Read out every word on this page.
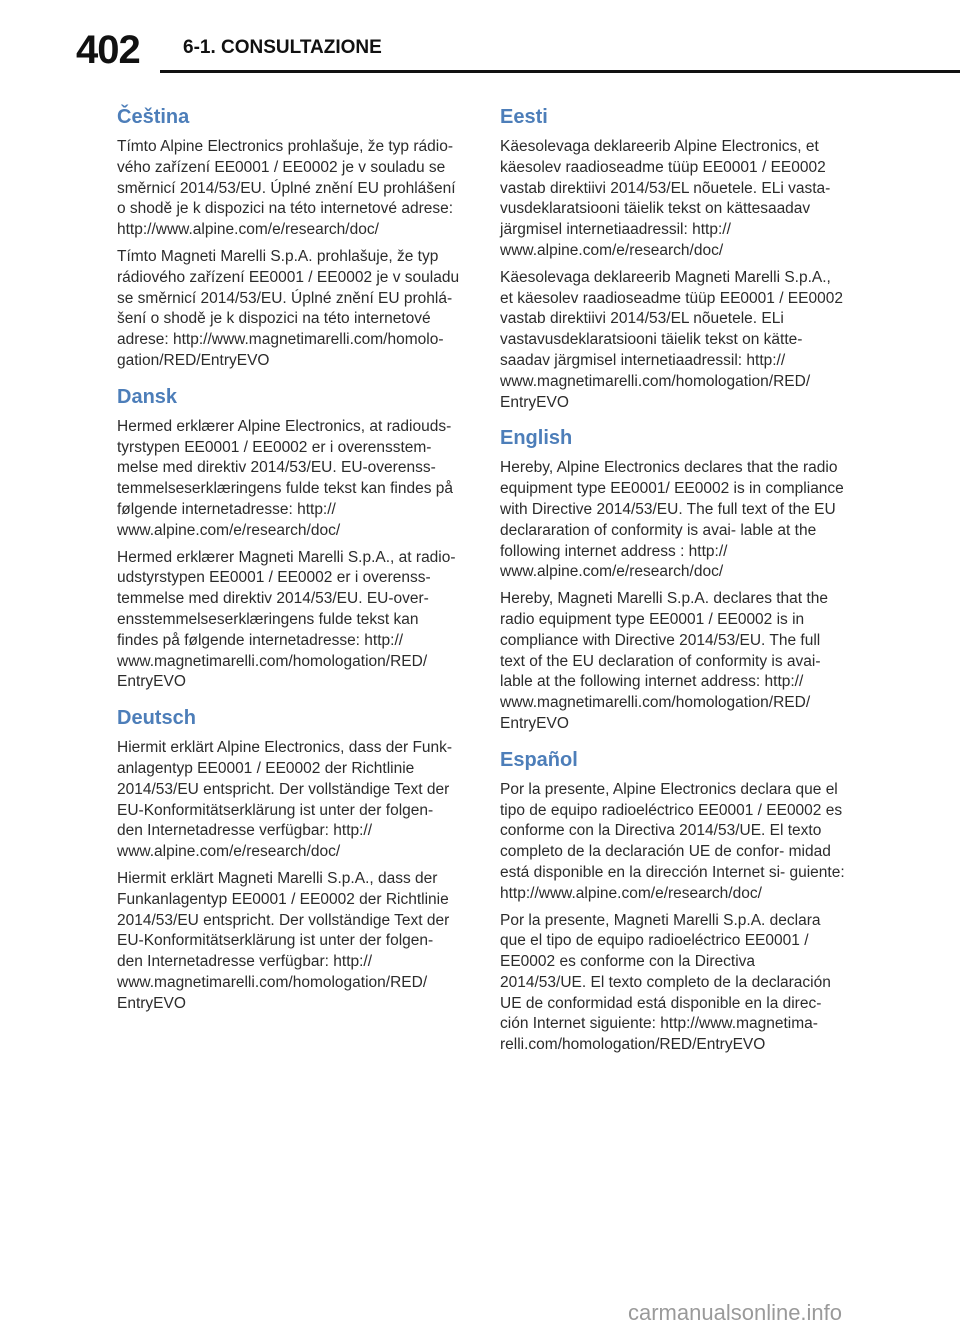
402 6-1. CONSULTAZIONE
Čeština

Tímto Alpine Electronics prohlašuje, že typ rádio- vého zařízení EE0001 / EE0002 je v souladu se směrnicí 2014/53/EU. Úplné znění EU prohlášení o shodě je k dispozici na této internetové adrese: http://www.alpine.com/e/research/doc/

Tímto Magneti Marelli S.p.A. prohlašuje, že typ rádiového zařízení EE0001 / EE0002 je v souladu se směrnicí 2014/53/EU. Úplné znění EU prohlá- šení o shodě je k dispozici na této internetové adrese: http://www.magnetimarelli.com/homolo- gation/RED/EntryEVO

Dansk

Hermed erklærer Alpine Electronics, at radiouds- tyrstypen EE0001 / EE0002 er i overensstem- melse med direktiv 2014/53/EU. EU-overenss- temmelseserklæringens fulde tekst kan findes på følgende internetadresse: http:// www.alpine.com/e/research/doc/

Hermed erklærer Magneti Marelli S.p.A., at radio- udstyrstypen EE0001 / EE0002 er i overenss- temmelse med direktiv 2014/53/EU. EU-over- ensstemmelseserklæringens fulde tekst kan findes på følgende internetadresse: http:// www.magnetimarelli.com/homologation/RED/ EntryEVO

Deutsch

Hiermit erklärt Alpine Electronics, dass der Funk- anlagentyp EE0001 / EE0002 der Richtlinie 2014/53/EU entspricht. Der vollständige Text der EU-Konformitätserklärung ist unter der folgen- den Internetadresse verfügbar: http:// www.alpine.com/e/research/doc/

Hiermit erklärt Magneti Marelli S.p.A., dass der Funkanlagentyp EE0001 / EE0002 der Richtlinie 2014/53/EU entspricht. Der vollständige Text der EU-Konformitätserklärung ist unter der folgen- den Internetadresse verfügbar: http:// www.magnetimarelli.com/homologation/RED/ EntryEVO

Eesti

Käesolevaga deklareerib Alpine Electronics, et käesolev raadioseadme tüüp EE0001 / EE0002 vastab direktiivi 2014/53/EL nõuetele. ELi vasta- vusdeklaratsiooni täielik tekst on kättesaadav järgmisel internetiaadressil: http:// www.alpine.com/e/research/doc/

Käesolevaga deklareerib Magneti Marelli S.p.A., et käesolev raadioseadme tüüp EE0001 / EE0002 vastab direktiivi 2014/53/EL nõuetele. ELi vastavusdeklaratsiooni täielik tekst on kätte- saadav järgmisel internetiaadressil: http:// www.magnetimarelli.com/homologation/RED/ EntryEVO

English

Hereby, Alpine Electronics declares that the radio equipment type EE0001/ EE0002 is in compliance with Directive 2014/53/EU. The full text of the EU declararation of conformity is avai- lable at the following internet address : http:// www.alpine.com/e/research/doc/

Hereby, Magneti Marelli S.p.A. declares that the radio equipment type EE0001 / EE0002 is in compliance with Directive 2014/53/EU. The full text of the EU declaration of conformity is avai- lable at the following internet address: http:// www.magnetimarelli.com/homologation/RED/ EntryEVO

Español

Por la presente, Alpine Electronics declara que el tipo de equipo radioeléctrico EE0001 / EE0002 es conforme con la Directiva 2014/53/UE. El texto completo de la declaración UE de confor- midad está disponible en la dirección Internet si- guiente: http://www.alpine.com/e/research/doc/

Por la presente, Magneti Marelli S.p.A. declara que el tipo de equipo radioeléctrico EE0001 / EE0002 es conforme con la Directiva 2014/53/UE. El texto completo de la declaración UE de conformidad está disponible en la direc- ción Internet siguiente: http://www.magnetima- relli.com/homologation/RED/EntryEVO

carmanualsonline.info
